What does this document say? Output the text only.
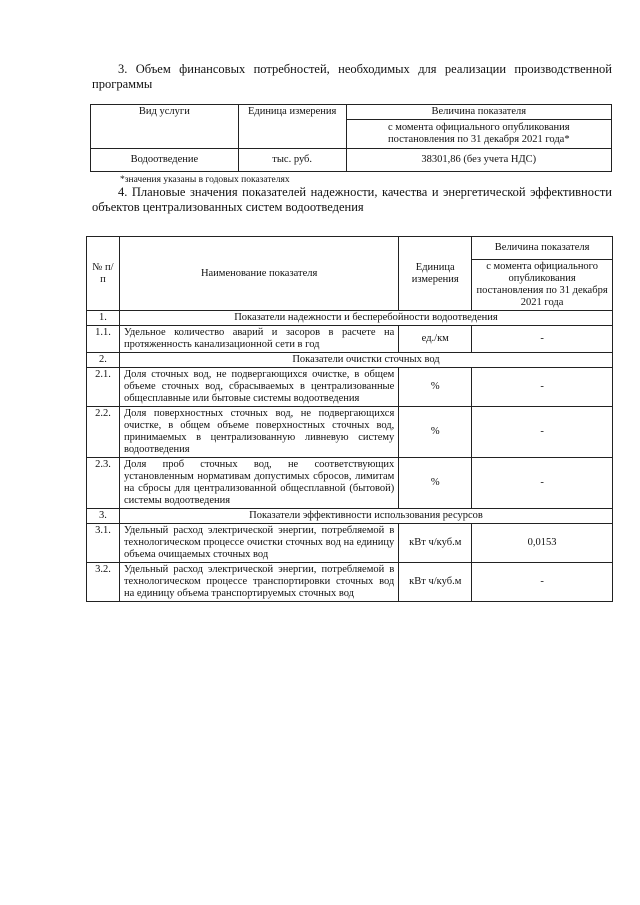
3. Объем финансовых потребностей, необходимых для реализации производственной программы
Вид услуги	Единица измерения	Величина показателя
		с момента официального опубликования постановления по 31 декабря 2021 года*
Водоотведение	тыс. руб.	38301,86 (без учета НДС)
*значения указаны в годовых показателях
4. Плановые значения показателей надежности, качества и энергетической эффективности объектов централизованных систем водоотведения
№ п/п	Наименование показателя	Единица измерения	Величина показателя
			с момента официального опубликования постановления по 31 декабря 2021 года
1.	Показатели надежности и бесперебойности водоотведения		
1.1.	Удельное количество аварий и засоров в расчете на протяженность канализационной сети в год	ед./км	-
2.	Показатели очистки сточных вод		
2.1.	Доля сточных вод, не подвергающихся очистке, в общем объеме сточных вод, сбрасываемых в централизованные общесплавные или бытовые системы водоотведения	%	-
2.2.	Доля поверхностных сточных вод, не подвергающихся очистке, в общем объеме поверхностных сточных вод, принимаемых в централизованную ливневую систему водоотведения	%	-
2.3.	Доля проб сточных вод, не соответствующих установленным нормативам допустимых сбросов, лимитам на сбросы для централизованной общесплавной (бытовой) системы водоотведения	%	-
3.	Показатели эффективности использования ресурсов		
3.1.	Удельный расход электрической энергии, потребляемой в технологическом процессе очистки сточных вод на единицу объема очищаемых сточных вод	кВт ч/куб.м	0,0153
3.2.	Удельный расход электрической энергии, потребляемой в технологическом процессе транспортировки сточных вод на единицу объема транспортируемых сточных вод	кВт ч/куб.м	-
